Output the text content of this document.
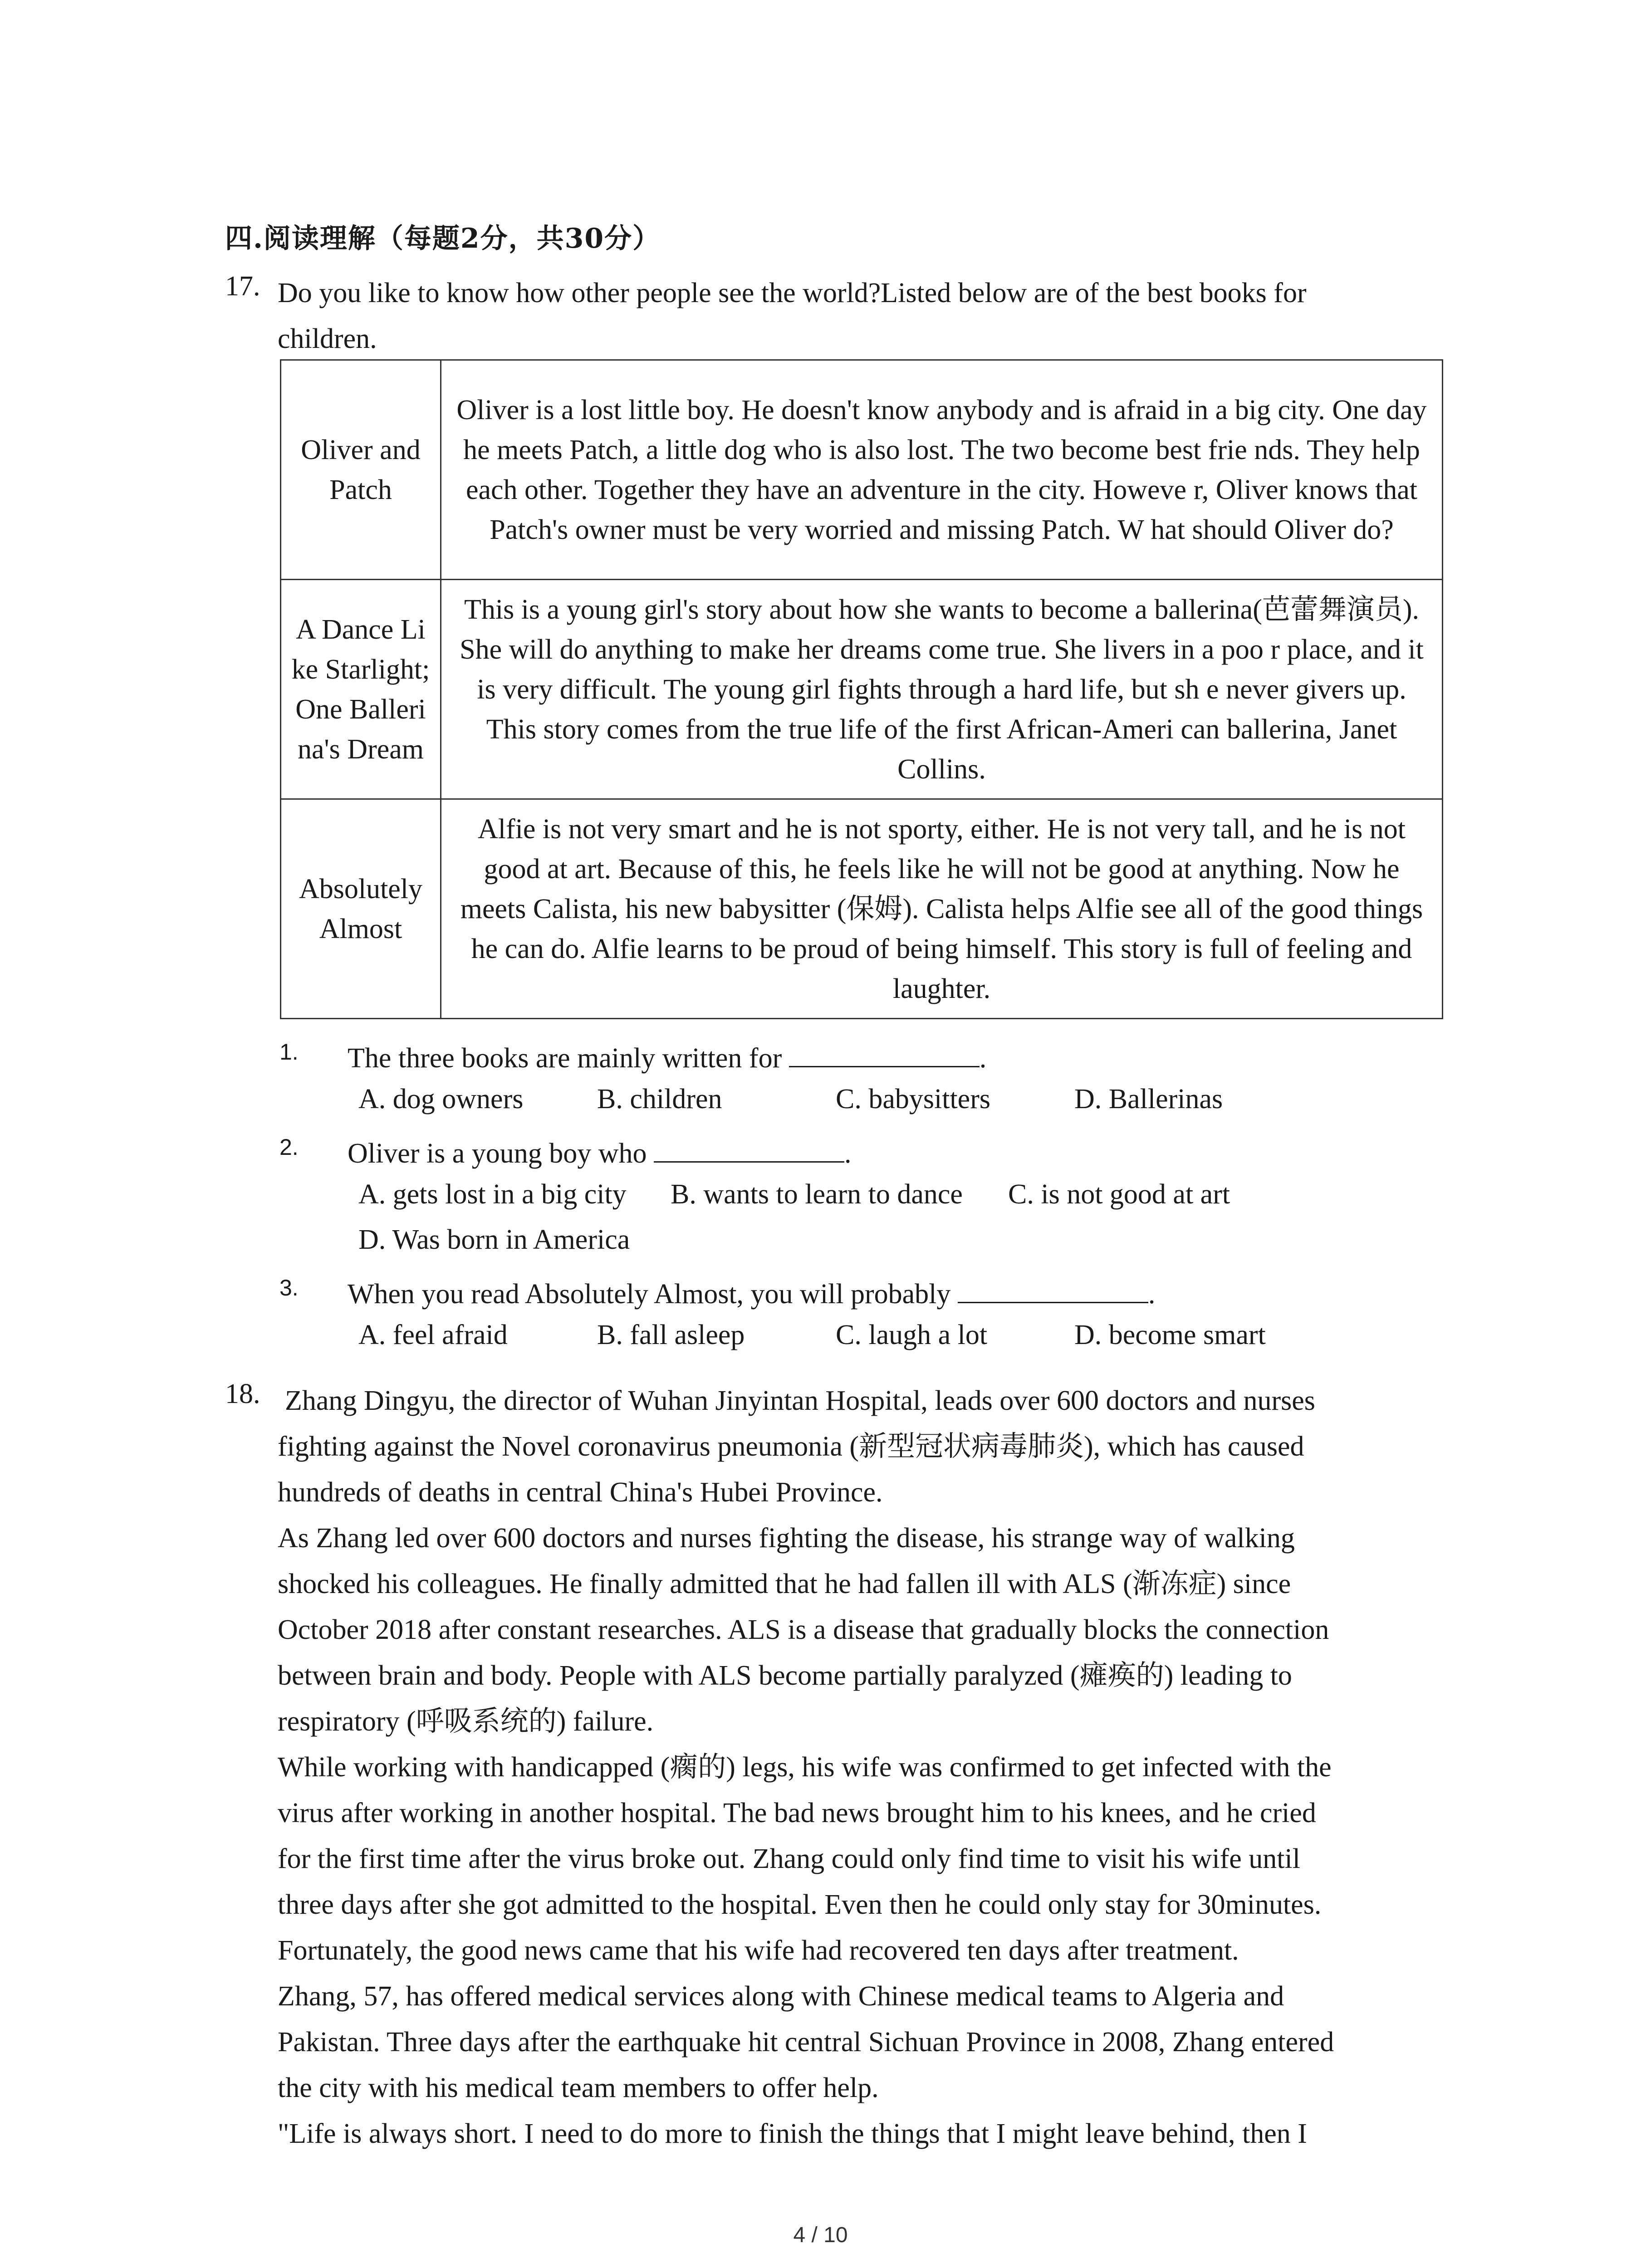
四.阅读理解（每题2分，共30分）
17. Do you like to know how other people see the world?Listed below are of the best books for
children.
Oliver and Patch	Oliver is a lost little boy. He doesn't know anybody and is afraid in a big city. One day he meets Patch, a little dog who is also lost. The two become best frie nds. They help each other. Together they have an adventure in the city. Howeve r, Oliver knows that Patch's owner must be very worried and missing Patch. W hat should Oliver do?
A Dance Li ke Starlight; One Balleri na's Dream	This is a young girl's story about how she wants to become a ballerina(芭蕾舞演员). She will do anything to make her dreams come true. She livers in a poo r place, and it is very difficult. The young girl fights through a hard life, but sh e never givers up. This story comes from the true life of the first African-Ameri can ballerina, Janet Collins.
Absolutely Almost	Alfie is not very smart and he is not sporty, either. He is not very tall, and he is not good at art. Because of this, he feels like he will not be good at anything. Now he meets Calista, his new babysitter (保姆). Calista helps Alfie see all of the good things he can do. Alfie learns to be proud of being himself. This story is full of feeling and laughter.
1. The three books are mainly written for	.
A. dog owners	B. children	C. babysitters	D. Ballerinas
2. Oliver is a young boy who	.
A. gets lost in a big city B. wants to learn to dance C. is not good at art
D. Was born in America
3. When you read Absolutely Almost, you will probably	.
A. feel afraid	B. fall asleep	C. laugh a lot	D. become smart
18. Zhang Dingyu, the director of Wuhan Jinyintan Hospital, leads over 600 doctors and nurses
fighting against the Novel coronavirus pneumonia (新型冠状病毒肺炎), which has caused
hundreds of deaths in central China's Hubei Province.
As Zhang led over 600 doctors and nurses fighting the disease, his strange way of walking
shocked his colleagues. He finally admitted that he had fallen ill with ALS (渐冻症) since
October 2018 after constant researches. ALS is a disease that gradually blocks the connection
between brain and body. People with ALS become partially paralyzed (瘫痪的) leading to
respiratory (呼吸系统的) failure.
While working with handicapped (瘸的) legs, his wife was confirmed to get infected with the
virus after working in another hospital. The bad news brought him to his knees, and he cried
for the first time after the virus broke out. Zhang could only find time to visit his wife until
three days after she got admitted to the hospital. Even then he could only stay for 30minutes.
Fortunately, the good news came that his wife had recovered ten days after treatment.
Zhang, 57, has offered medical services along with Chinese medical teams to Algeria and
Pakistan. Three days after the earthquake hit central Sichuan Province in 2008, Zhang entered
the city with his medical team members to offer help.
"Life is always short. I need to do more to finish the things that I might leave behind, then I
4 / 10
